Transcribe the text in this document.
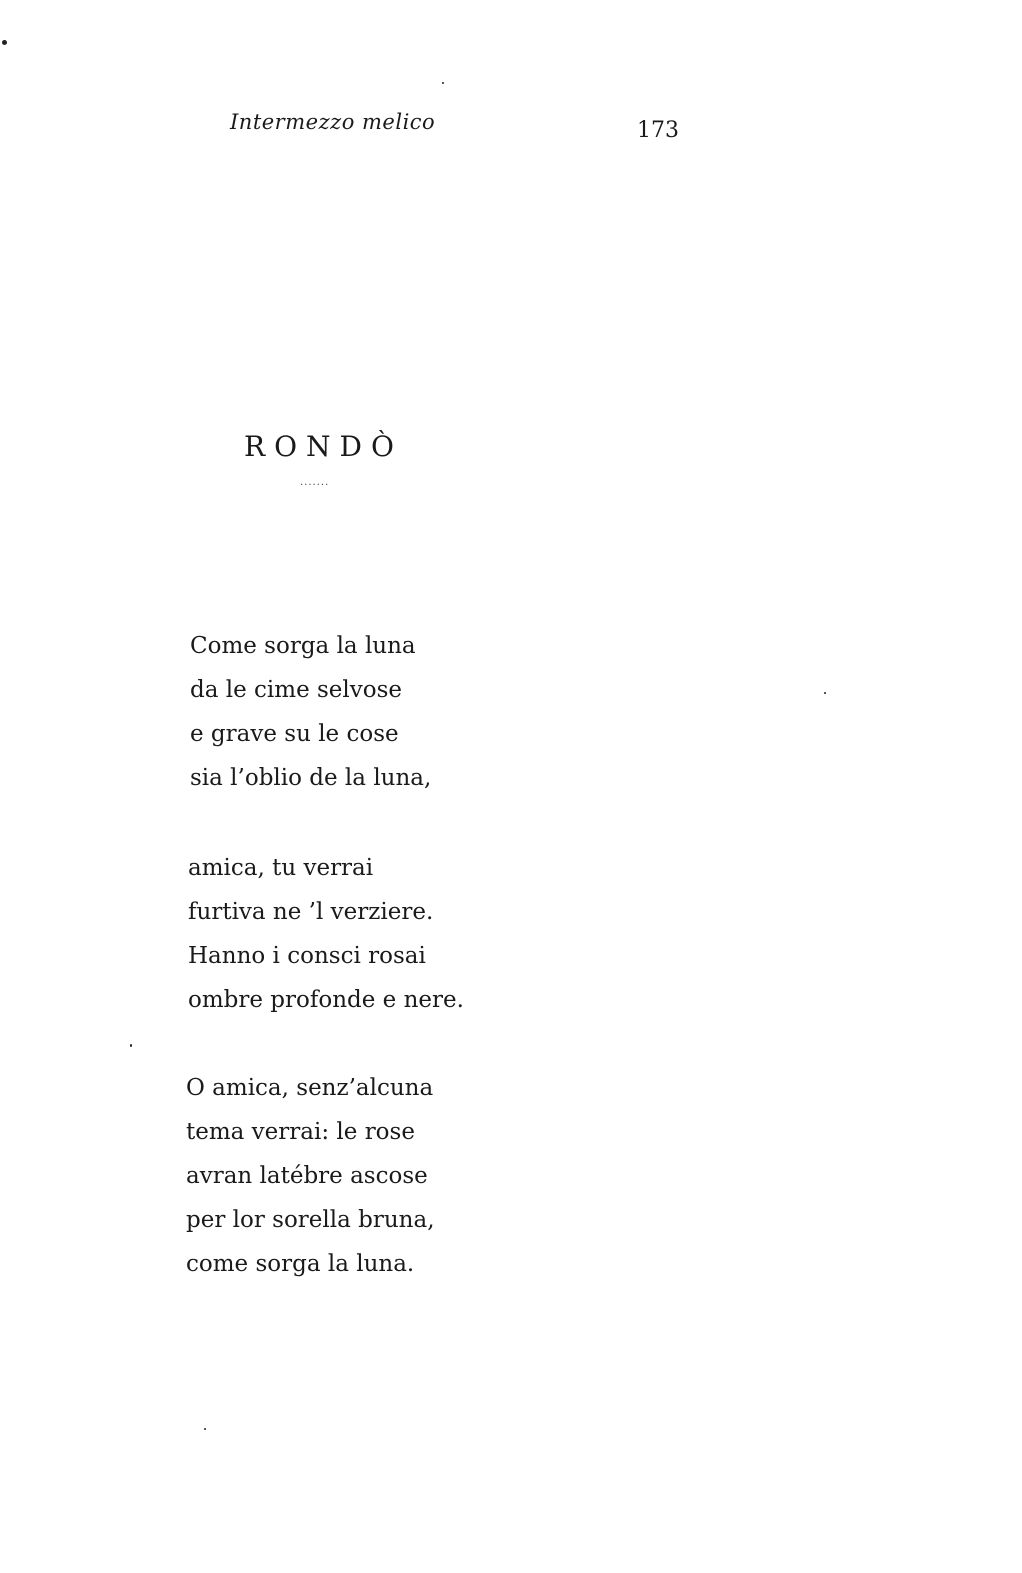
Intermezzo melico	173
RONDÒ
.......
Come sorga la luna
da le cime selvose
e grave su le cose
sia l’oblio de la luna,
amica, tu verrai
furtiva ne ’l verziere.
Hanno i consci rosai
ombre profonde e nere.
O amica, senz’alcuna
tema verrai: le rose
avran latébre ascose
per lor sorella bruna,
come sorga la luna.
